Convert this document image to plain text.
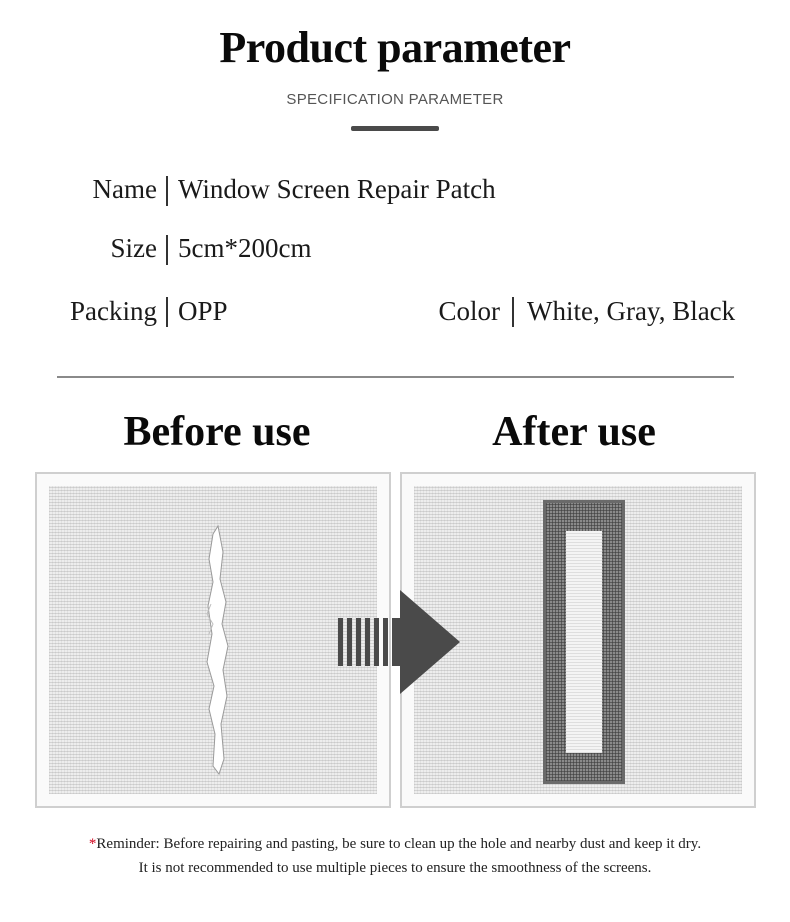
Product parameter
SPECIFICATION PARAMETER
Name Window Screen Repair Patch
Size 5cm*200cm
Packing OPP	Color White, Gray, Black
Before use	After use
*Reminder: Before repairing and pasting, be sure to clean up the hole and nearby dust and keep it dry.
It is not recommended to use multiple pieces to ensure the smoothness of the screens.
